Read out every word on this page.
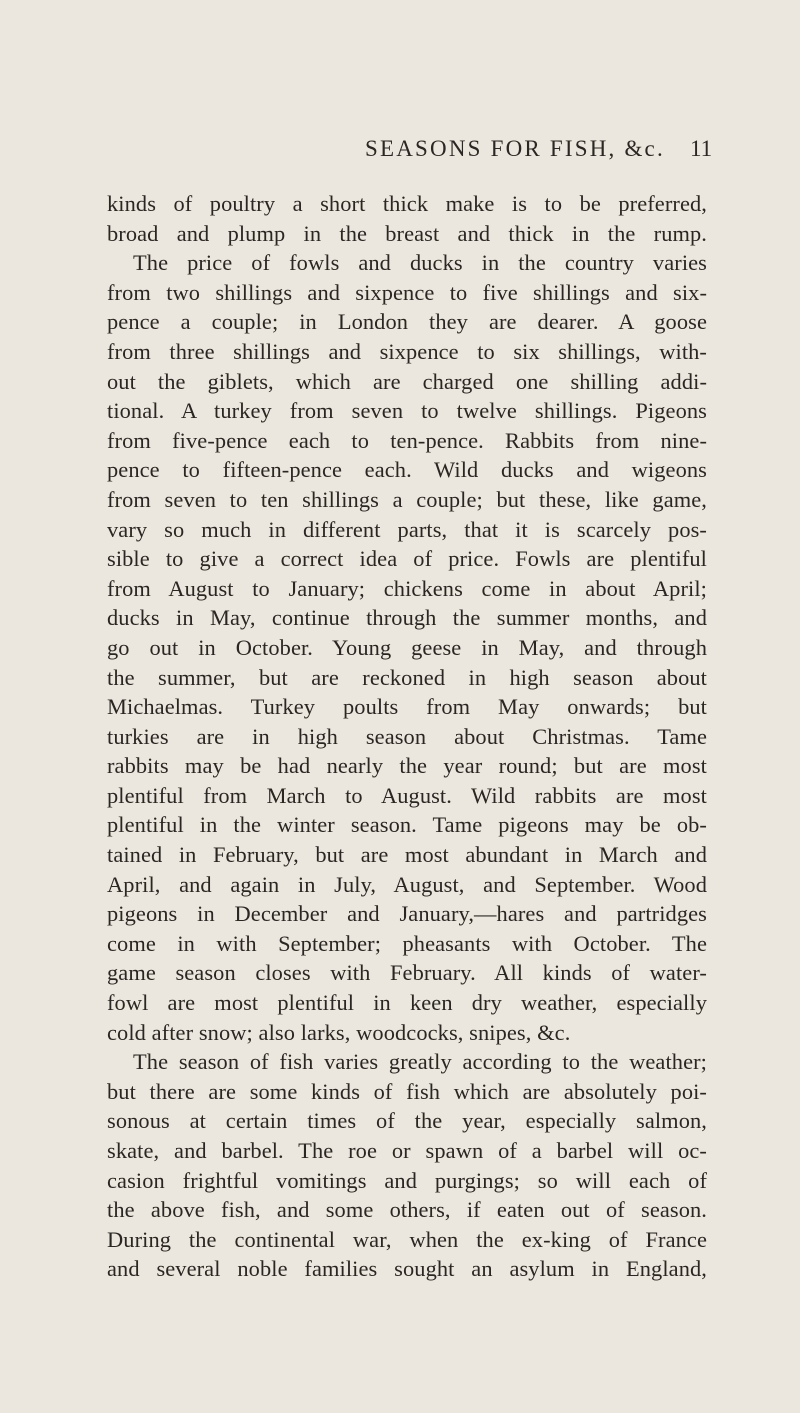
SEASONS FOR FISH, &c. 11
kinds of poultry a short thick make is to be preferred,
broad and plump in the breast and thick in the rump.
The price of fowls and ducks in the country varies
from two shillings and sixpence to five shillings and six-
pence a couple; in London they are dearer. A goose
from three shillings and sixpence to six shillings, with-
out the giblets, which are charged one shilling addi-
tional. A turkey from seven to twelve shillings. Pigeons
from five-pence each to ten-pence. Rabbits from nine-
pence to fifteen-pence each. Wild ducks and wigeons
from seven to ten shillings a couple; but these, like game,
vary so much in different parts, that it is scarcely pos-
sible to give a correct idea of price. Fowls are plentiful
from August to January; chickens come in about April;
ducks in May, continue through the summer months, and
go out in October. Young geese in May, and through
the summer, but are reckoned in high season about
Michaelmas. Turkey poults from May onwards; but
turkies are in high season about Christmas. Tame
rabbits may be had nearly the year round; but are most
plentiful from March to August. Wild rabbits are most
plentiful in the winter season. Tame pigeons may be ob-
tained in February, but are most abundant in March and
April, and again in July, August, and September. Wood
pigeons in December and January,—hares and partridges
come in with September; pheasants with October. The
game season closes with February. All kinds of water-
fowl are most plentiful in keen dry weather, especially
cold after snow; also larks, woodcocks, snipes, &c.
The season of fish varies greatly according to the weather;
but there are some kinds of fish which are absolutely poi-
sonous at certain times of the year, especially salmon,
skate, and barbel. The roe or spawn of a barbel will oc-
casion frightful vomitings and purgings; so will each of
the above fish, and some others, if eaten out of season.
During the continental war, when the ex-king of France
and several noble families sought an asylum in England,
